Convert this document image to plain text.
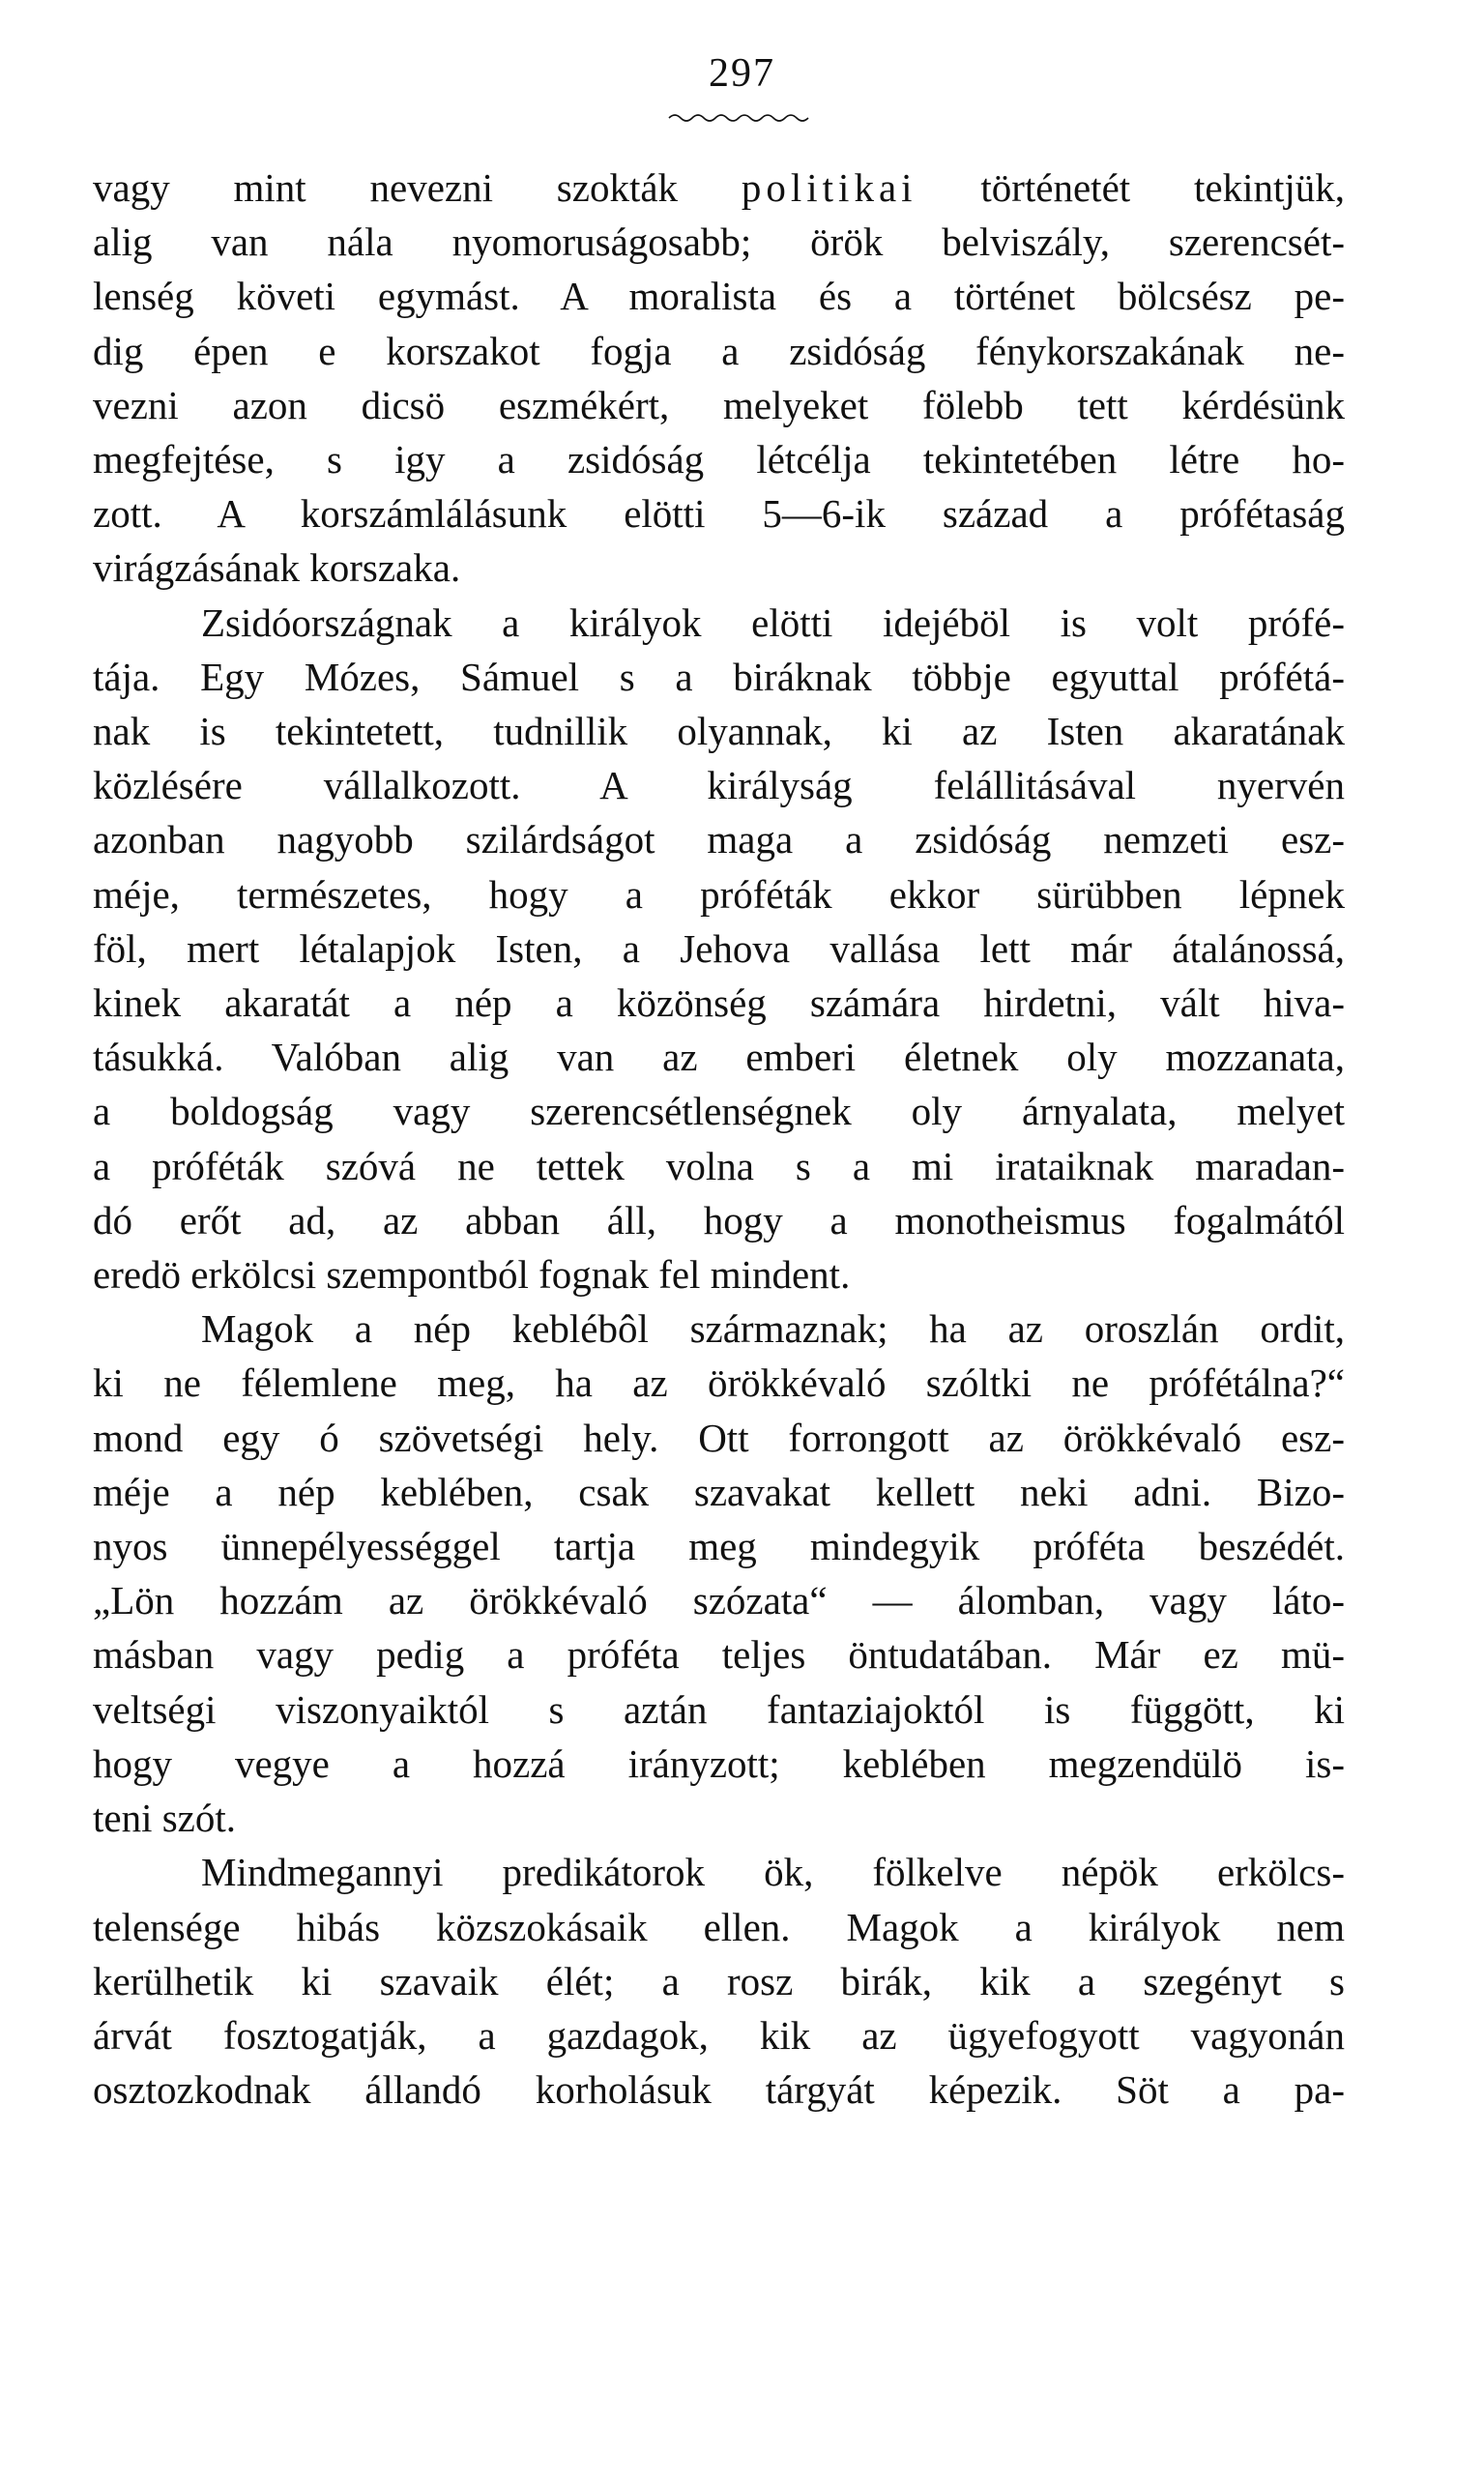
297
vagy mint nevezni szokták politikai történetét tekintjük,
alig van nála nyomoruságosabb; örök belviszály, szerencsét-
lenség követi egymást. A moralista és a történet bölcsész pe-
dig épen e korszakot fogja a zsidóság fénykorszakának ne-
vezni azon dicsö eszmékért, melyeket fölebb tett kérdésünk
megfejtése, s igy a zsidóság létcélja tekintetében létre ho-
zott. A korszámlálásunk elötti 5—6-ik század a prófétaság
virágzásának korszaka.
Zsidóországnak a királyok elötti idejéböl is volt prófé-
tája. Egy Mózes, Sámuel s a biráknak többje egyuttal prófétá-
nak is tekintetett, tudnillik olyannak, ki az Isten akaratának
közlésére vállalkozott. A királyság felállitásával nyervén
azonban nagyobb szilárdságot maga a zsidóság nemzeti esz-
méje, természetes, hogy a próféták ekkor sürübben lépnek
föl, mert létalapjok Isten, a Jehova vallása lett már átalánossá,
kinek akaratát a nép a közönség számára hirdetni, vált hiva-
tásukká. Valóban alig van az emberi életnek oly mozzanata,
a boldogság vagy szerencsétlenségnek oly árnyalata, melyet
a próféták szóvá ne tettek volna s a mi irataiknak maradan-
dó erőt ad, az abban áll, hogy a monotheismus fogalmától
eredö erkölcsi szempontból fognak fel mindent.
Magok a nép keblébôl származnak; ha az oroszlán ordit,
ki ne félemlene meg, ha az örökkévaló szóltki ne prófétálna?“
mond egy ó szövetségi hely. Ott forrongott az örökkévaló esz-
méje a nép keblében, csak szavakat kellett neki adni. Bizo-
nyos ünnepélyességgel tartja meg mindegyik próféta beszédét.
„Lön hozzám az örökkévaló szózata“ — álomban, vagy láto-
másban vagy pedig a próféta teljes öntudatában. Már ez mü-
veltségi viszonyaiktól s aztán fantaziajoktól is függött, ki
hogy vegye a hozzá irányzott; keblében megzendülö is-
teni szót.
Mindmegannyi predikátorok ök, fölkelve népök erkölcs-
telensége hibás közszokásaik ellen. Magok a királyok nem
kerülhetik ki szavaik élét; a rosz birák, kik a szegényt s
árvát fosztogatják, a gazdagok, kik az ügyefogyott vagyonán
osztozkodnak állandó korholásuk tárgyát képezik. Söt a pa-
